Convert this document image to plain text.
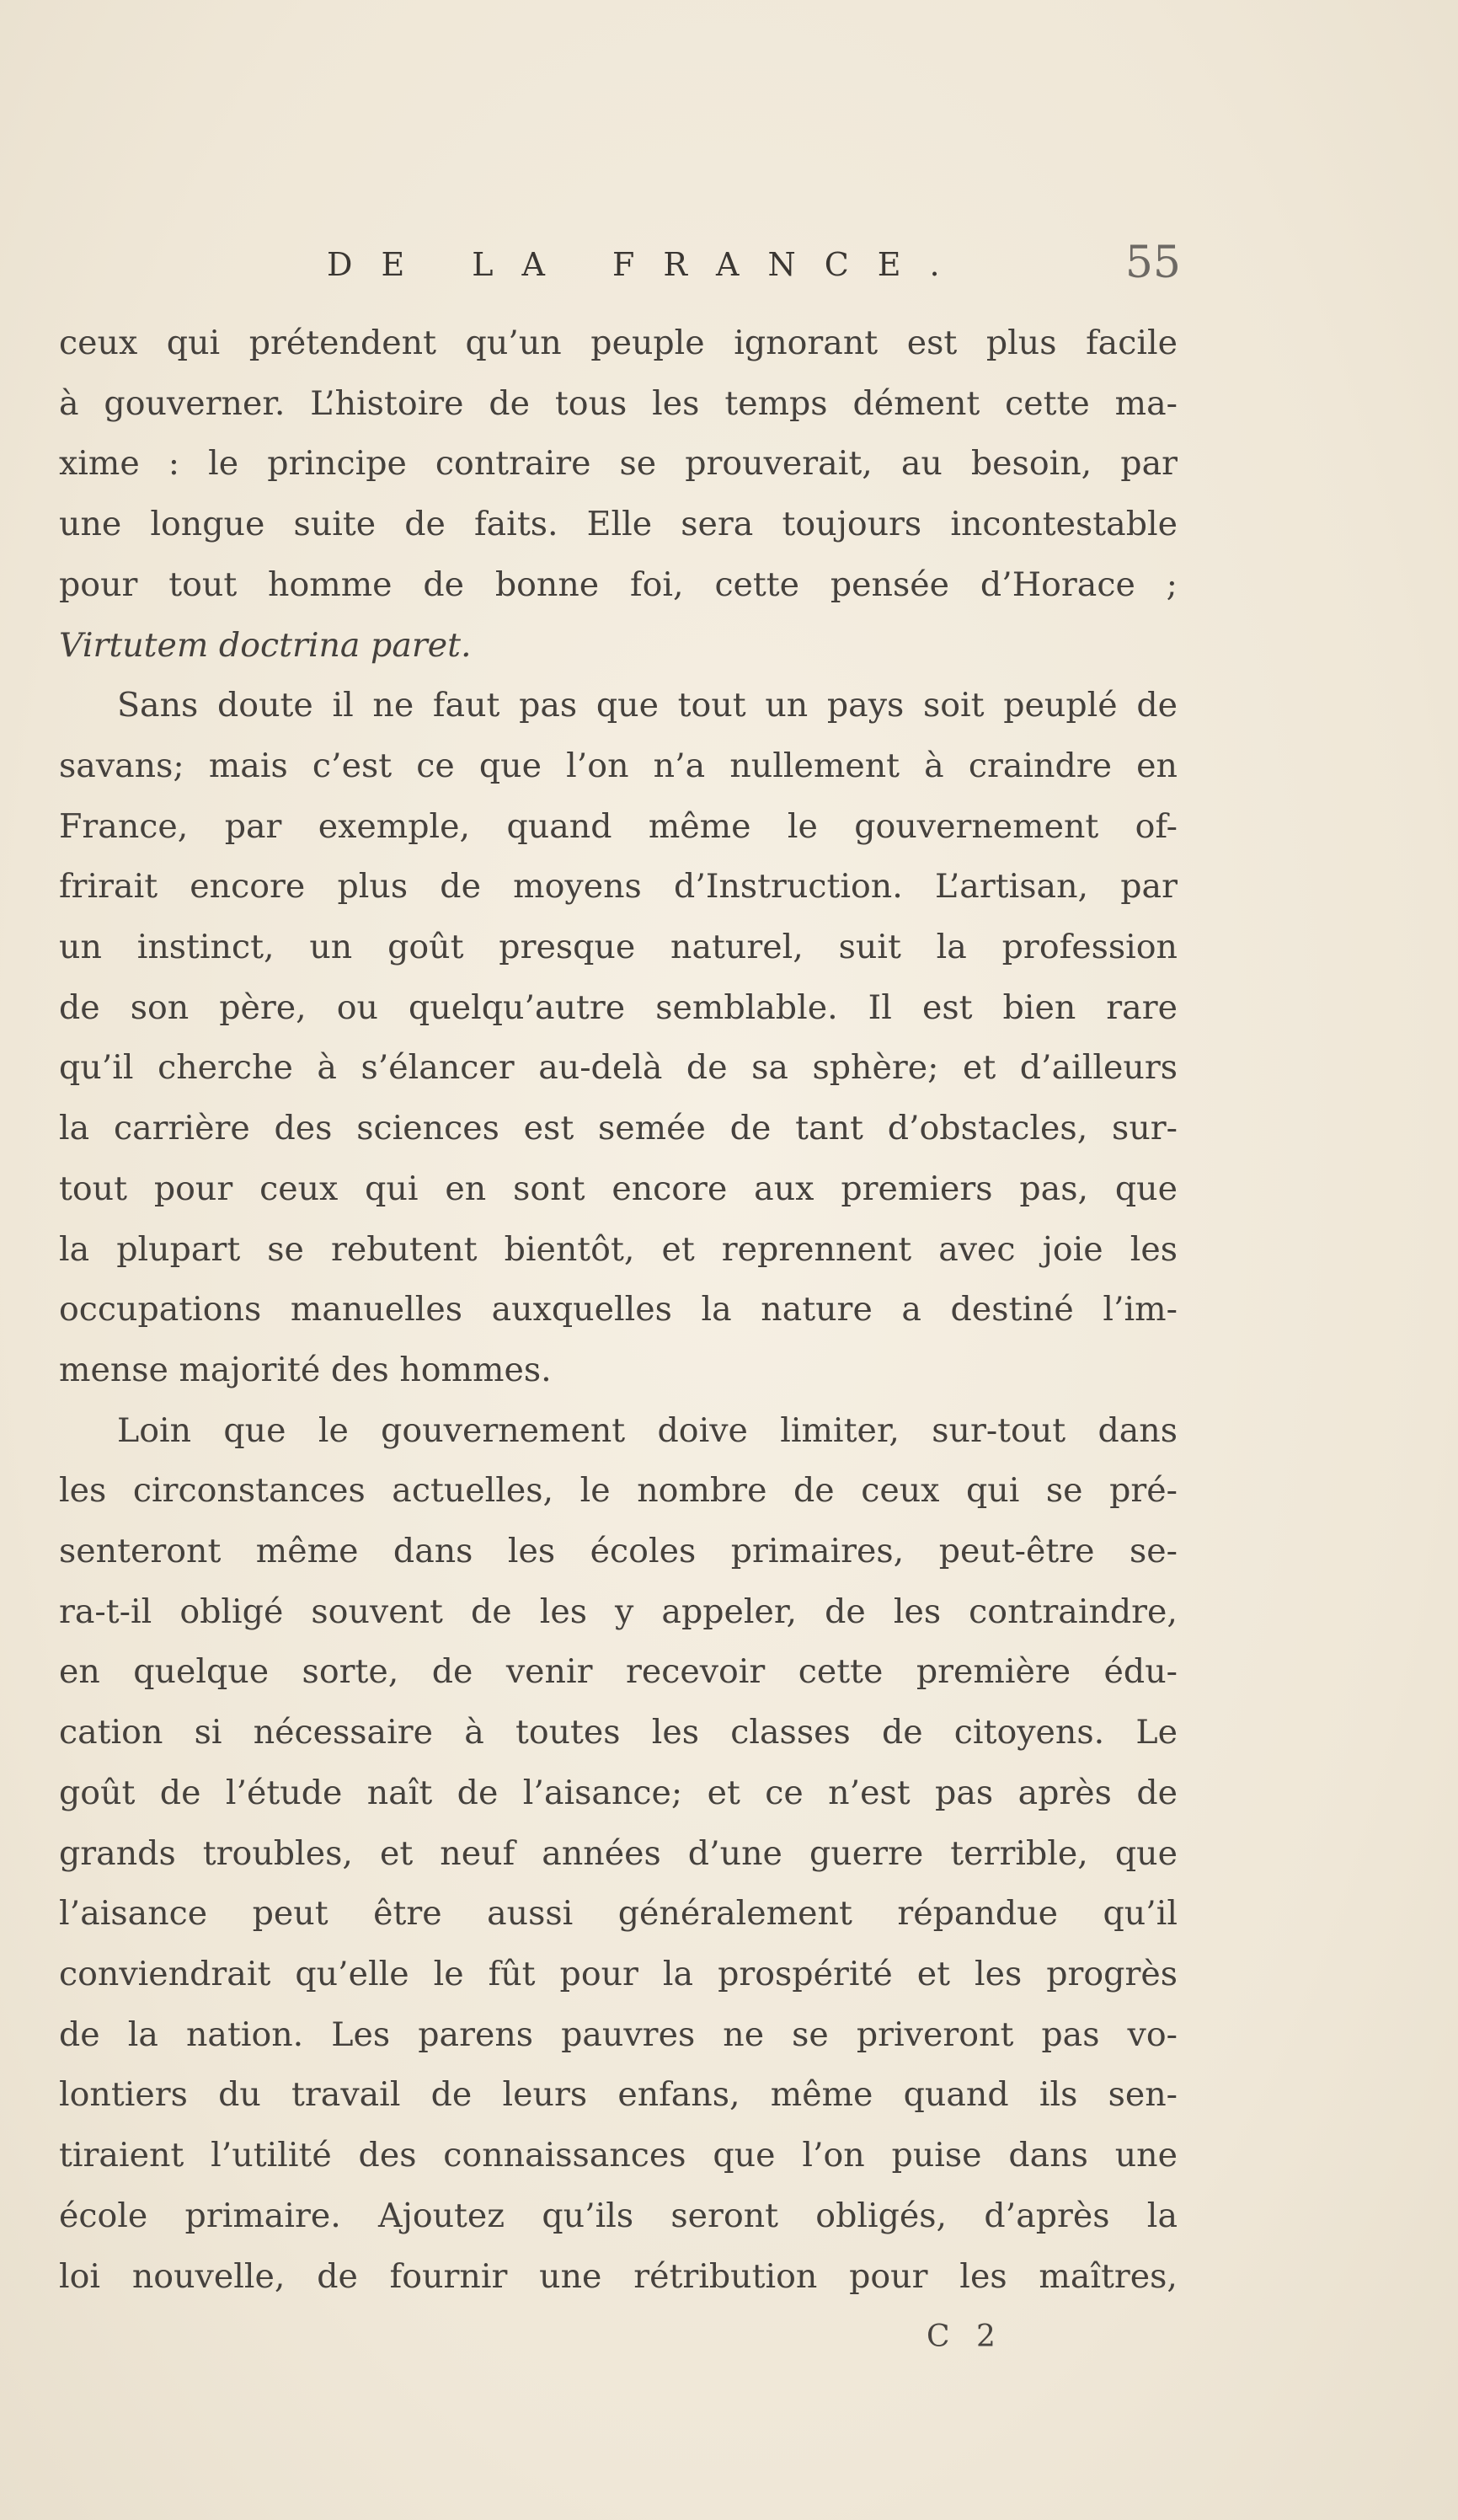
DE LA FRANCE.	55
ceux qui prétendent qu’un peuple ignorant est plus facile
à gouverner. L’histoire de tous les temps dément cette ma-
xime : le principe contraire se prouverait, au besoin, par
une longue suite de faits. Elle sera toujours incontestable
pour tout homme de bonne foi, cette pensée d’Horace ;
Virtutem doctrina paret.
Sans doute il ne faut pas que tout un pays soit peuplé de
savans; mais c’est ce que l’on n’a nullement à craindre en
France, par exemple, quand même le gouvernement of-
frirait encore plus de moyens d’Instruction. L’artisan, par
un instinct, un goût presque naturel, suit la profession
de son père, ou quelqu’autre semblable. Il est bien rare
qu’il cherche à s’élancer au-delà de sa sphère; et d’ailleurs
la carrière des sciences est semée de tant d’obstacles, sur-
tout pour ceux qui en sont encore aux premiers pas, que
la plupart se rebutent bientôt, et reprennent avec joie les
occupations manuelles auxquelles la nature a destiné l’im-
mense majorité des hommes.
Loin que le gouvernement doive limiter, sur-tout dans
les circonstances actuelles, le nombre de ceux qui se pré-
senteront même dans les écoles primaires, peut-être se-
ra-t-il obligé souvent de les y appeler, de les contraindre,
en quelque sorte, de venir recevoir cette première édu-
cation si nécessaire à toutes les classes de citoyens. Le
goût de l’étude naît de l’aisance; et ce n’est pas après de
grands troubles, et neuf années d’une guerre terrible, que
l’aisance peut être aussi généralement répandue qu’il
conviendrait qu’elle le fût pour la prospérité et les progrès
de la nation. Les parens pauvres ne se priveront pas vo-
lontiers du travail de leurs enfans, même quand ils sen-
tiraient l’utilité des connaissances que l’on puise dans une
école primaire. Ajoutez qu’ils seront obligés, d’après la
loi nouvelle, de fournir une rétribution pour les maîtres,
C 2
